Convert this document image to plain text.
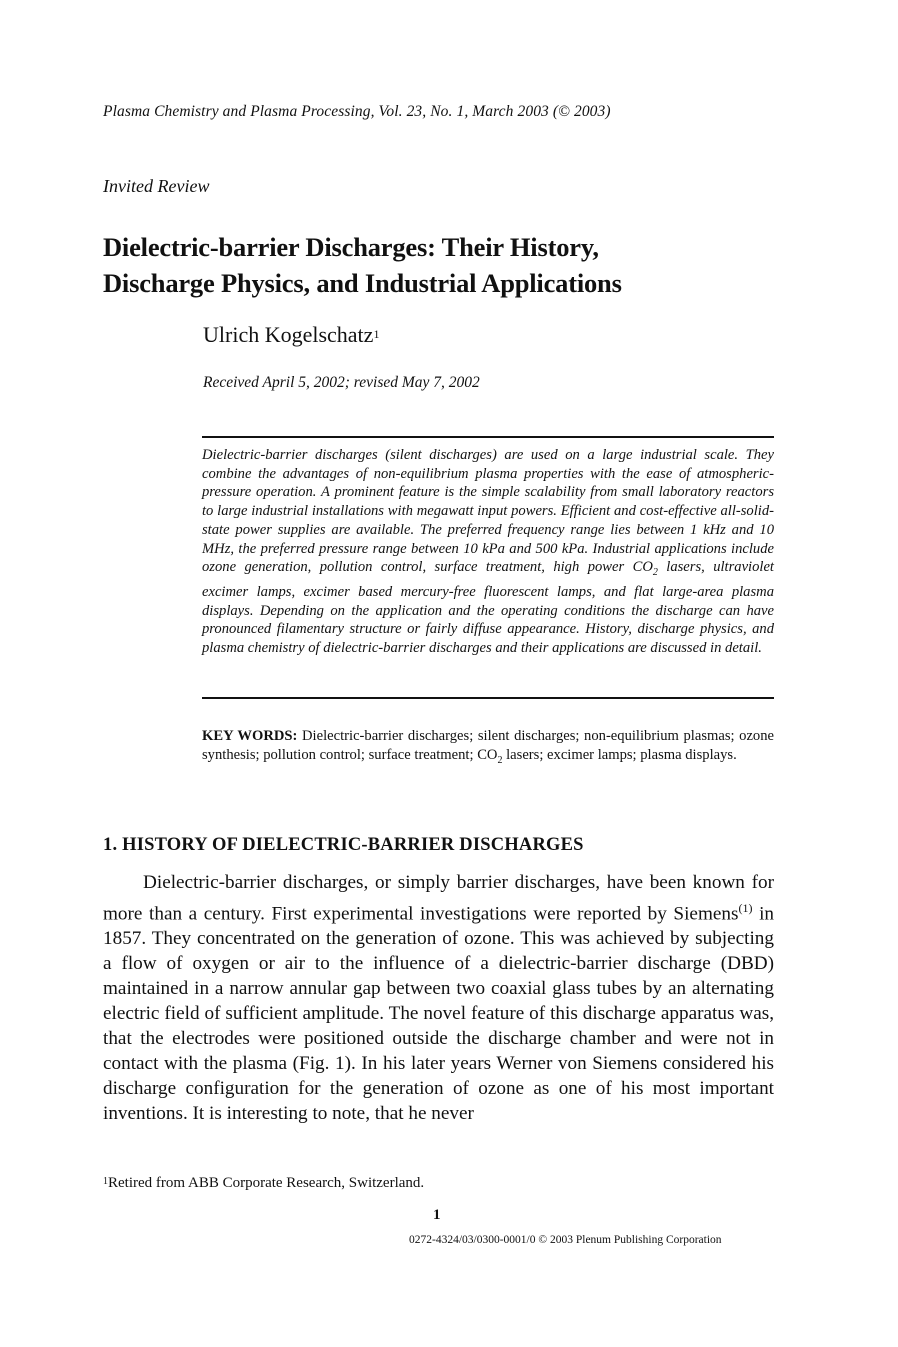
Plasma Chemistry and Plasma Processing, Vol. 23, No. 1, March 2003 (© 2003)
Invited Review
Dielectric-barrier Discharges: Their History,
Discharge Physics, and Industrial Applications
Ulrich Kogelschatz$^1$
Received April 5, 2002; revised May 7, 2002
Dielectric-barrier discharges (silent discharges) are used on a large industrial scale. They combine the advantages of non-equilibrium plasma properties with the ease of atmospheric-pressure operation. A prominent feature is the simple scalability from small laboratory reactors to large industrial installations with megawatt input powers. Efficient and cost-effective all-solid-state power supplies are available. The preferred frequency range lies between 1 kHz and 10 MHz, the preferred pressure range between 10 kPa and 500 kPa. Industrial applications include ozone generation, pollution control, surface treatment, high power $CO_2$ lasers, ultraviolet excimer lamps, excimer based mercury-free fluorescent lamps, and flat large-area plasma displays. Depending on the application and the operating conditions the discharge can have pronounced filamentary structure or fairly diffuse appearance. History, discharge physics, and plasma chemistry of dielectric-barrier discharges and their applications are discussed in detail.
KEY WORDS: Dielectric-barrier discharges; silent discharges; non-equilibrium plasmas; ozone synthesis; pollution control; surface treatment; $CO_2$ lasers; excimer lamps; plasma displays.
1. HISTORY OF DIELECTRIC-BARRIER DISCHARGES

Dielectric-barrier discharges, or simply barrier discharges, have been known for more than a century. First experimental investigations were reported by Siemens$^{(1)}$ in 1857. They concentrated on the generation of ozone. This was achieved by subjecting a flow of oxygen or air to the influence of a dielectric-barrier discharge (DBD) maintained in a narrow annular gap between two coaxial glass tubes by an alternating electric field of sufficient amplitude. The novel feature of this discharge apparatus was, that the electrodes were positioned outside the discharge chamber and were not in contact with the plasma (Fig. 1). In his later years Werner von Siemens considered his discharge configuration for the generation of ozone as one of his most important inventions. It is interesting to note, that he never

$^1$Retired from ABB Corporate Research, Switzerland.
1
0272-4324/03/0300-0001/0 © 2003 Plenum Publishing Corporation
